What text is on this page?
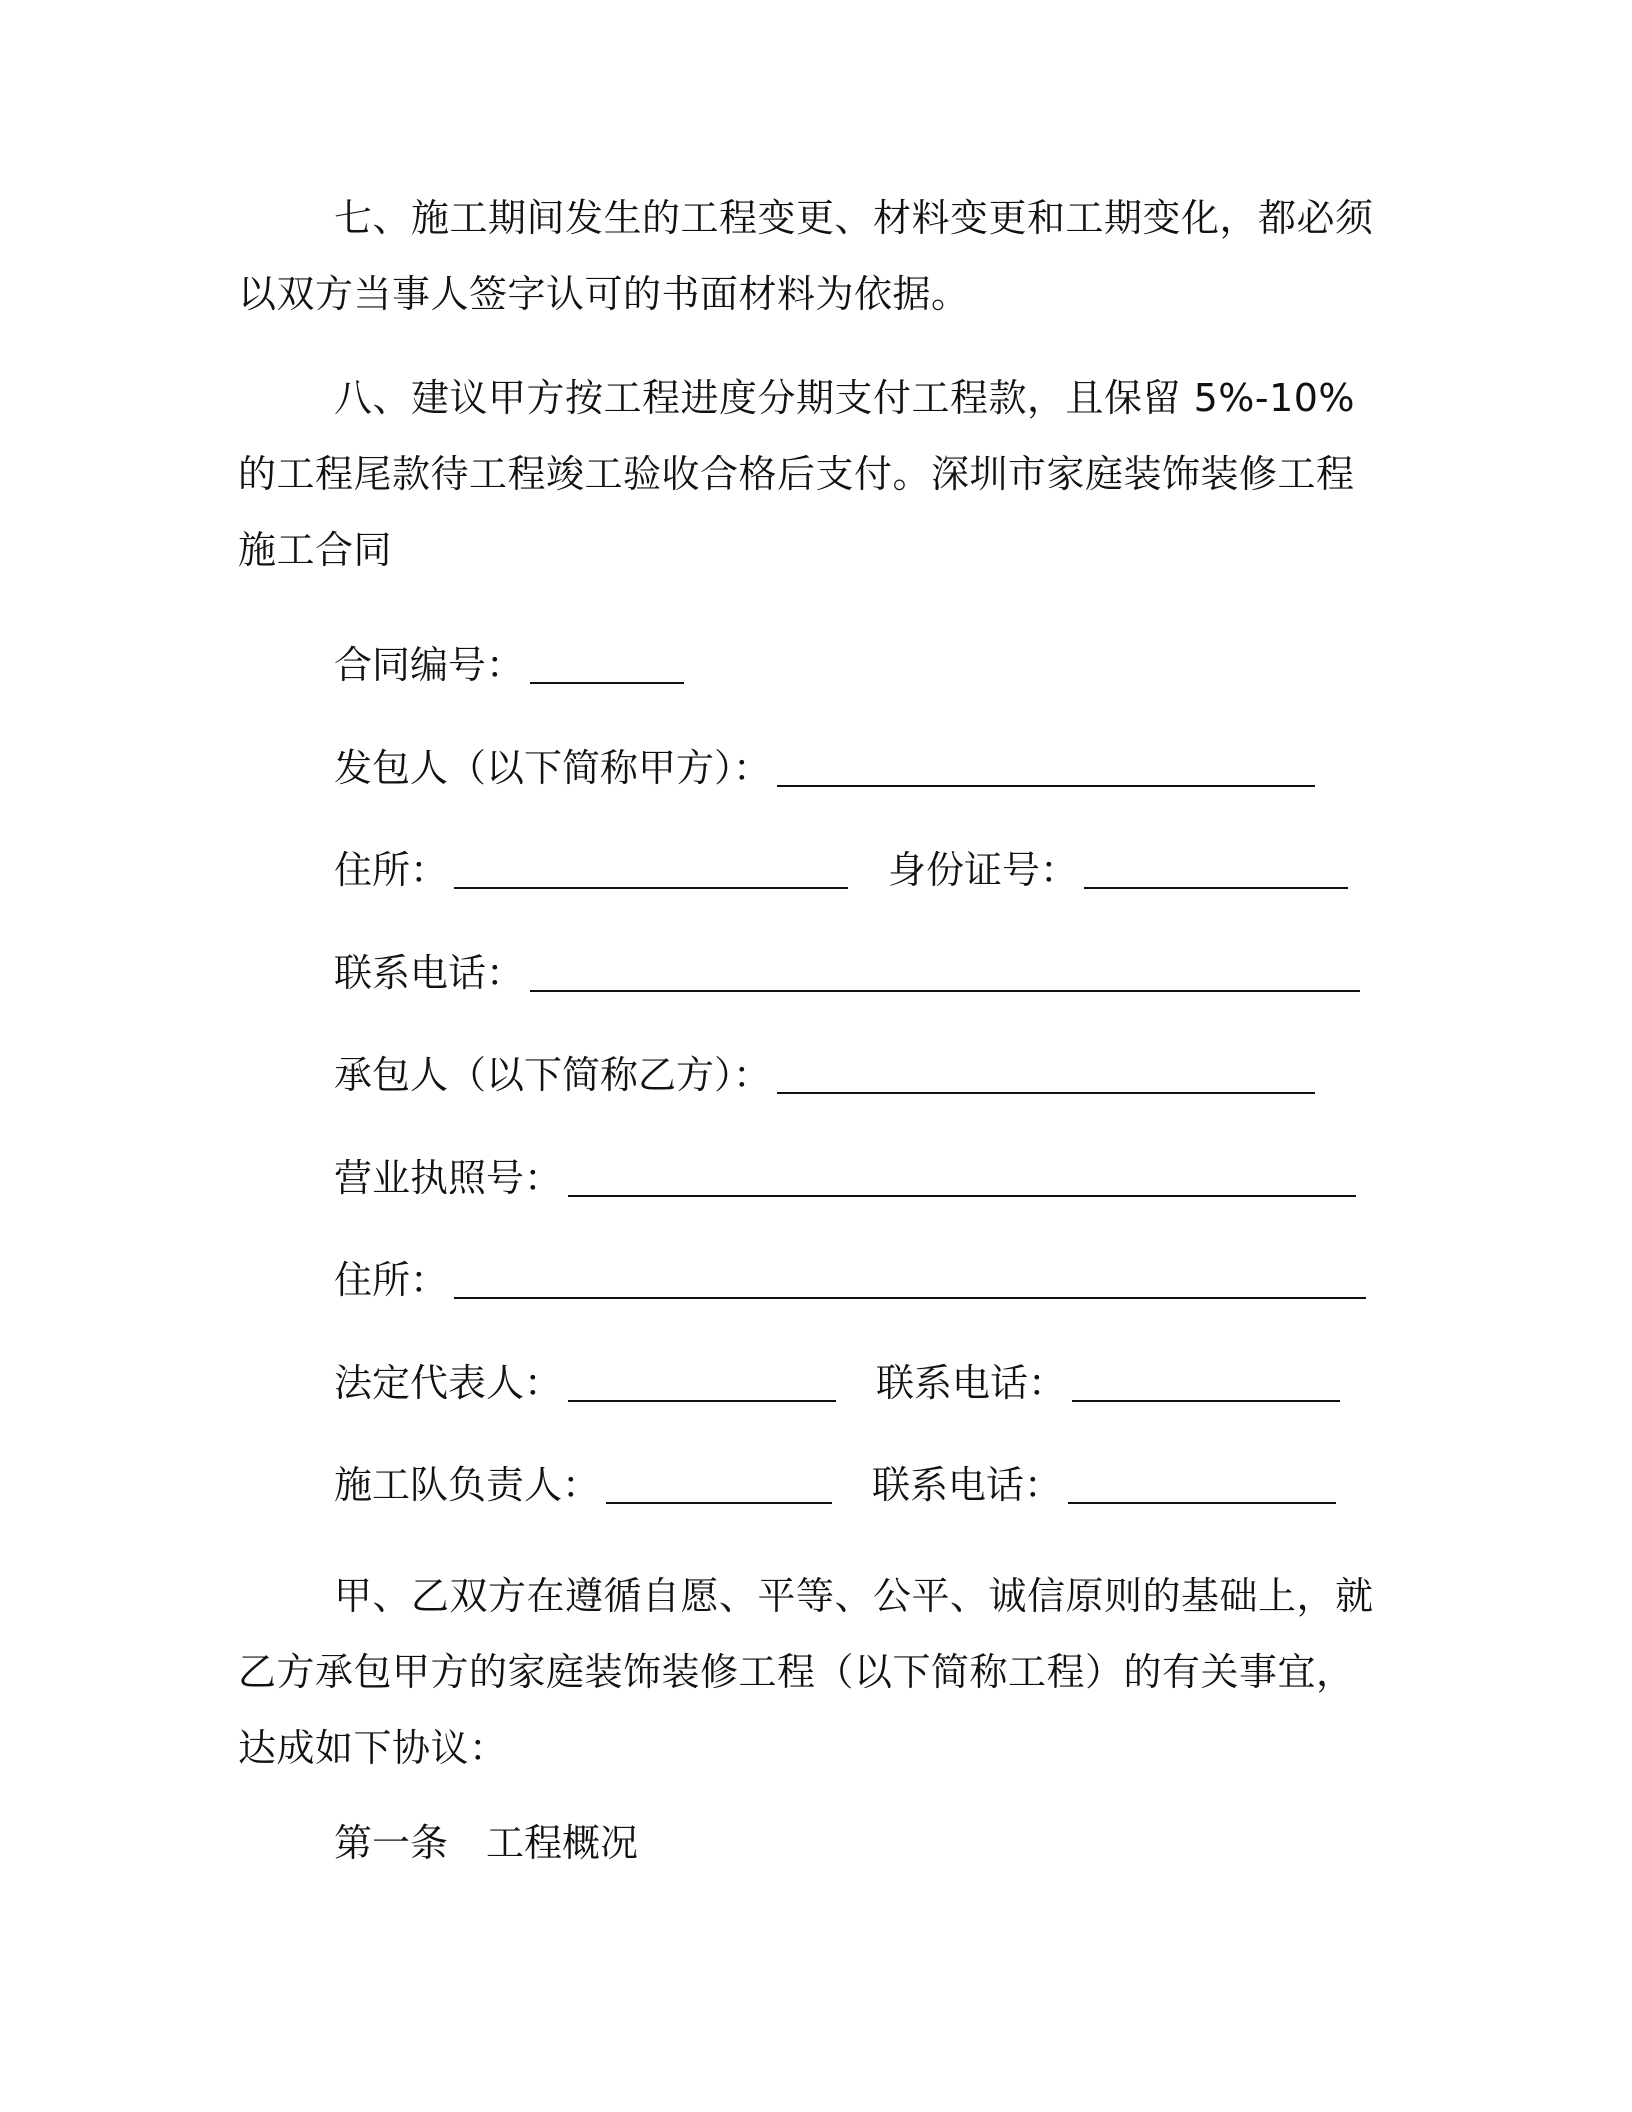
七、施工期间发生的工程变更、材料变更和工期变化，都必须以双方当事人签字认可的书面材料为依据。

八、建议甲方按工程进度分期支付工程款，且保留 5%-10%的工程尾款待工程竣工验收合格后支付。深圳市家庭装饰装修工程施工合同

合同编号：
发包人（以下简称甲方）：
住所：	身份证号：
联系电话：
承包人（以下简称乙方）：
营业执照号：
住所：
法定代表人：	联系电话：
施工队负责人：	联系电话：

甲、乙双方在遵循自愿、平等、公平、诚信原则的基础上，就乙方承包甲方的家庭装饰装修工程（以下简称工程）的有关事宜，达成如下协议：

第一条　工程概况
